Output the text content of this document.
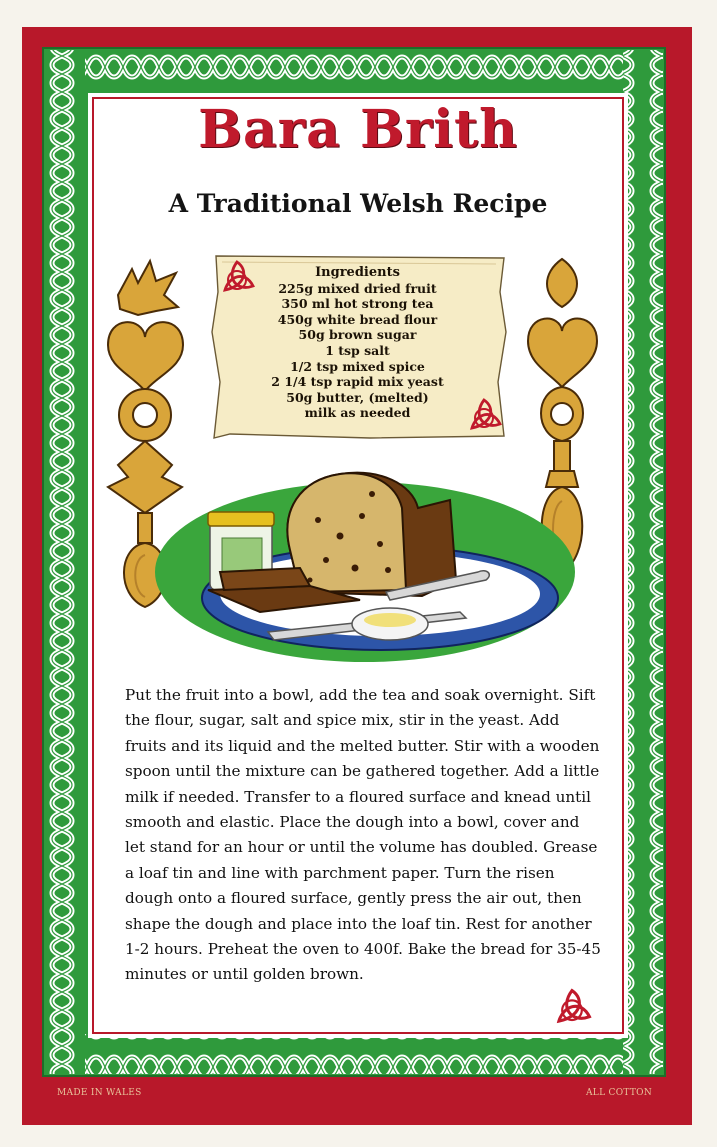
Bara Brith
A Traditional Welsh Recipe
Ingredients
225g mixed dried fruit
350 ml hot strong tea
450g white bread flour
50g brown sugar
1 tsp salt
1/2 tsp mixed spice
2 1/4 tsp rapid mix yeast
50g butter, (melted)
milk as needed

Put the fruit into a bowl, add the tea and soak overnight. Sift the flour, sugar, salt and spice mix, stir in the yeast. Add fruits and its liquid and the melted butter. Stir with a wooden spoon until the mixture can be gathered together. Add a little milk if needed. Transfer to a floured surface and knead until smooth and elastic. Place the dough into a bowl, cover and let stand for an hour or until the volume has doubled. Grease a loaf tin and line with parchment paper. Turn the risen dough onto a floured surface, gently press the air out, then shape the dough and place into the loaf tin. Rest for another 1-2 hours. Preheat the oven to 400f. Bake the bread for 35-45 minutes or until golden brown.

MADE IN WALES	ALL COTTON
